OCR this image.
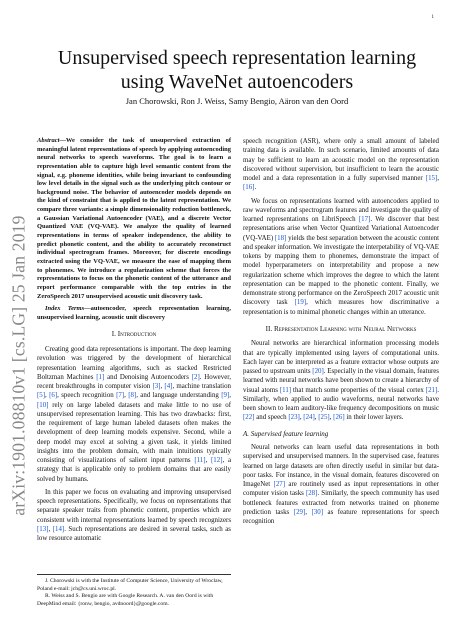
1
arXiv:1901.08810v1 [cs.LG] 25 Jan 2019
Unsupervised speech representation learning using WaveNet autoencoders
Jan Chorowski, Ron J. Weiss, Samy Bengio, Aäron van den Oord

Abstract—We consider the task of unsupervised extraction of meaningful latent representations of speech by applying autoencoding neural networks to speech waveforms. The goal is to learn a representation able to capture high level semantic content from the signal, e.g. phoneme identities, while being invariant to confounding low level details in the signal such as the underlying pitch contour or background noise. The behavior of autoencoder models depends on the kind of constraint that is applied to the latent representation. We compare three variants: a simple dimensionality reduction bottleneck, a Gaussian Variational Autoencoder (VAE), and a discrete Vector Quantized VAE (VQ-VAE). We analyze the quality of learned representations in terms of speaker independence, the ability to predict phonetic content, and the ability to accurately reconstruct individual spectrogram frames. Moreover, for discrete encodings extracted using the VQ-VAE, we measure the ease of mapping them to phonemes. We introduce a regularization scheme that forces the representations to focus on the phonetic content of the utterance and report performance comparable with the top entries in the ZeroSpeech 2017 unsupervised acoustic unit discovery task.

Index Terms—autoencoder, speech representation learning, unsupervised learning, acoustic unit discovery

I. Introduction

Creating good data representations is important. The deep learning revolution was triggered by the development of hierarchical representation learning algorithms, such as stacked Restricted Boltzman Machines [1] and Denoising Autoencoders [2]. However, recent breakthroughs in computer vision [3], [4], machine translation [5], [6], speech recognition [7], [8], and language understanding [9], [10] rely on large labeled datasets and make little to no use of unsupervised representation learning. This has two drawbacks: first, the requirement of large human labeled datasets often makes the development of deep learning models expensive. Second, while a deep model may excel at solving a given task, it yields limited insights into the problem domain, with main intuitions typically consisting of visualizations of salient input patterns [11], [12], a strategy that is applicable only to problem domains that are easily solved by humans.

In this paper we focus on evaluating and improving unsupervised speech representations. Specifically, we focus on representations that separate speaker traits from phonetic content, properties which are consistent with internal representations learned by speech recognizers [13], [14]. Such representations are desired in several tasks, such as low resource automatic

J. Chorowski is with the Institute of Computer Science, University of Wroclaw, Poland e-mail: jch@cs.uni.wroc.pl.

R. Weiss and S. Bengio are with Google Research. A. van den Oord is with DeepMind email: {ronw, bengio, avdnoord}@google.com.

speech recognition (ASR), where only a small amount of labeled training data is available. In such scenario, limited amounts of data may be sufficient to learn an acoustic model on the representation discovered without supervision, but insufficient to learn the acoustic model and a data representation in a fully supervised manner [15], [16].

We focus on representations learned with autoencoders applied to raw waveforms and spectrogram features and investigate the quality of learned representations on LibriSpeech [17]. We discover that best representations arise when Vector Quantized Variational Autoencoder (VQ-VAE) [18] yields the best separation between the acoustic content and speaker information. We investigate the interpetability of VQ-VAE tokens by mapping them to phonemes, demonstrate the impact of model hyperparameters on interpretability and propose a new regularization scheme which improves the degree to which the latent representation can be mapped to the phonetic content. Finally, we demonstrate strong performance on the ZeroSpeech 2017 acoustic unit discovery task [19], which measures how discriminative a representation is to minimal phonetic changes within an utterance.

II. Representation Learning with Neural Networks

Neural networks are hierarchical information processing models that are typically implemented using layers of computational units. Each layer can be interpreted as a feature extractor whose outputs are passed to upstream units [20]. Especially in the visual domain, features learned with neural networks have been shown to create a hierarchy of visual atoms [11] that match some properties of the visual cortex [21]. Similarly, when applied to audio waveforms, neural networks have been shown to learn auditory-like frequency decompositions on music [22] and speech [23], [24], [25], [26] in their lower layers.

A. Supervised feature learning

Neural networks can learn useful data representations in both supervised and unsupervised manners. In the supervised case, features learned on large datasets are often directly useful in similar but data-poor tasks. For instance, in the visual domain, features discovered on ImageNet [27] are routinely used as input representations in other computer vision tasks [28]. Similarly, the speech community has used bottleneck features extracted from networks trained on phoneme prediction tasks [29], [30] as feature representations for speech recognition
